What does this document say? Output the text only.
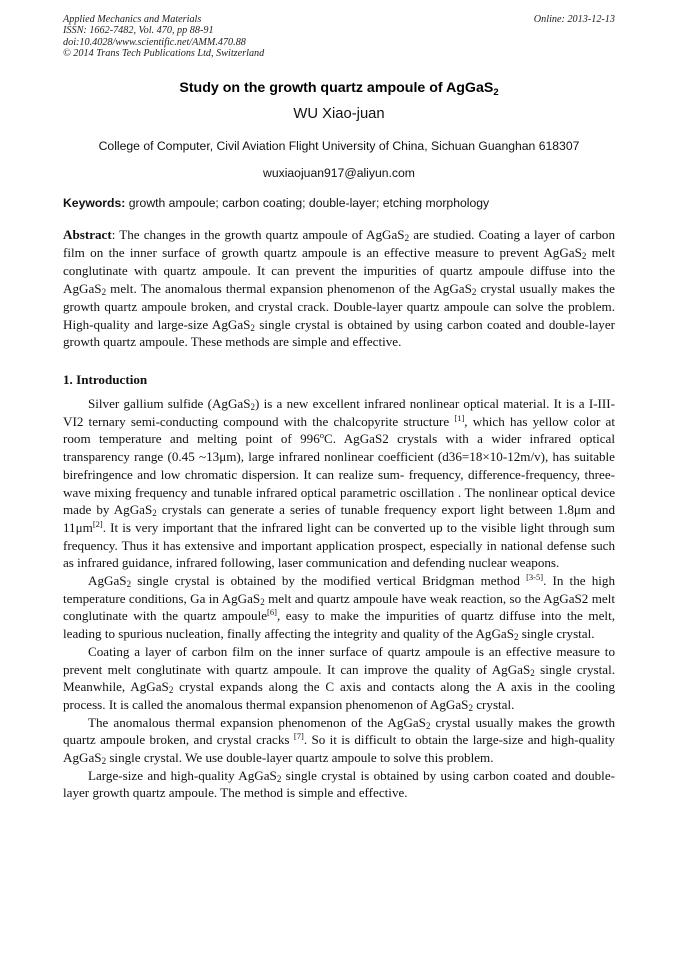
Applied Mechanics and Materials
ISSN: 1662-7482, Vol. 470, pp 88-91
doi:10.4028/www.scientific.net/AMM.470.88
© 2014 Trans Tech Publications Ltd, Switzerland
Online: 2013-12-13
Study on the growth quartz ampoule of AgGaS$_2$
WU Xiao-juan
College of Computer, Civil Aviation Flight University of China, Sichuan Guanghan 618307
wuxiaojuan917@aliyun.com
Keywords: growth ampoule; carbon coating; double-layer; etching morphology
Abstract: The changes in the growth quartz ampoule of AgGaS$_2$ are studied. Coating a layer of carbon film on the inner surface of growth quartz ampoule is an effective measure to prevent AgGaS$_2$ melt conglutinate with quartz ampoule. It can prevent the impurities of quartz ampoule diffuse into the AgGaS$_2$ melt. The anomalous thermal expansion phenomenon of the AgGaS$_2$ crystal usually makes the growth quartz ampoule broken, and crystal crack. Double-layer quartz ampoule can solve the problem. High-quality and large-size AgGaS$_2$ single crystal is obtained by using carbon coated and double-layer growth quartz ampoule. These methods are simple and effective.
1. Introduction

Silver gallium sulfide (AgGaS$_2$) is a new excellent infrared nonlinear optical material. It is a I-III-VI2 ternary semi-conducting compound with the chalcopyrite structure [1], which has yellow color at room temperature and melting point of 996$^o$C. AgGaS2 crystals with a wider infrared optical transparency range (0.45 ~13μm), large infrared nonlinear coefficient (d36=18×10-12m/v), has suitable birefringence and low chromatic dispersion. It can realize sum- frequency, difference-frequency, three-wave mixing frequency and tunable infrared optical parametric oscillation . The nonlinear optical device made by AgGaS$_2$ crystals can generate a series of tunable frequency export light between 1.8μm and 11μm[2]. It is very important that the infrared light can be converted up to the visible light through sum frequency. Thus it has extensive and important application prospect, especially in national defense such as infrared guidance, infrared following, laser communication and defending nuclear weapons.

AgGaS$_2$ single crystal is obtained by the modified vertical Bridgman method [3-5]. In the high temperature conditions, Ga in AgGaS$_2$ melt and quartz ampoule have weak reaction, so the AgGaS2 melt conglutinate with the quartz ampoule[6], easy to make the impurities of quartz diffuse into the melt, leading to spurious nucleation, finally affecting the integrity and quality of the AgGaS$_2$ single crystal.

Coating a layer of carbon film on the inner surface of quartz ampoule is an effective measure to prevent melt conglutinate with quartz ampoule. It can improve the quality of AgGaS$_2$ single crystal. Meanwhile, AgGaS$_2$ crystal expands along the C axis and contacts along the A axis in the cooling process. It is called the anomalous thermal expansion phenomenon of AgGaS$_2$ crystal.

The anomalous thermal expansion phenomenon of the AgGaS$_2$ crystal usually makes the growth quartz ampoule broken, and crystal cracks [7]. So it is difficult to obtain the large-size and high-quality AgGaS$_2$ single crystal. We use double-layer quartz ampoule to solve this problem.

Large-size and high-quality AgGaS$_2$ single crystal is obtained by using carbon coated and double-layer growth quartz ampoule. The method is simple and effective.
